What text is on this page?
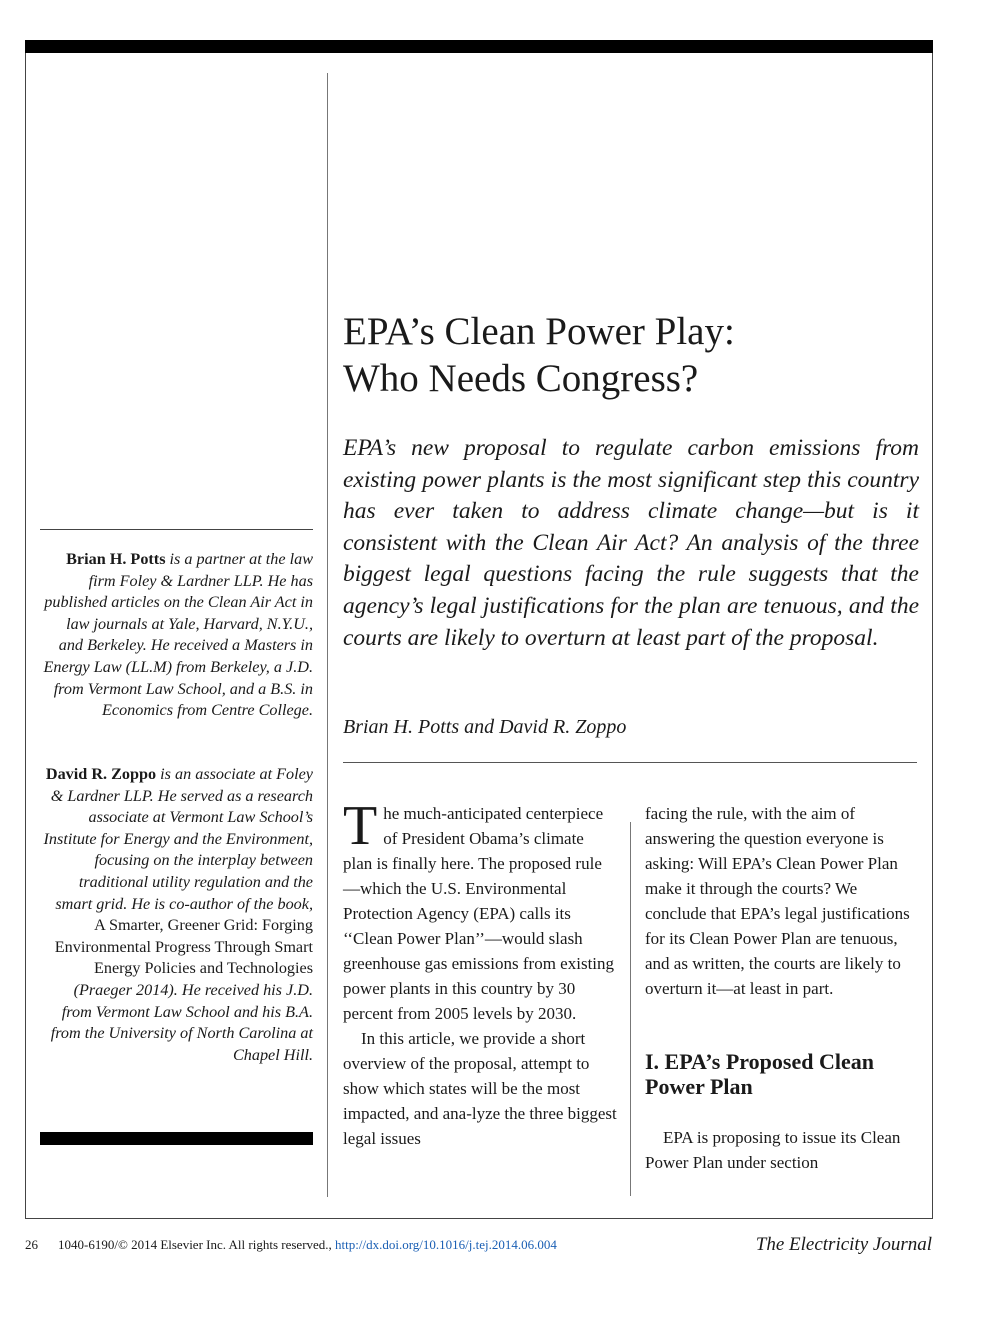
Brian H. Potts is a partner at the law firm Foley & Lardner LLP. He has published articles on the Clean Air Act in law journals at Yale, Harvard, N.Y.U., and Berkeley. He received a Masters in Energy Law (LL.M) from Berkeley, a J.D. from Vermont Law School, and a B.S. in Economics from Centre College.
David R. Zoppo is an associate at Foley & Lardner LLP. He served as a research associate at Vermont Law School’s Institute for Energy and the Environment, focusing on the interplay between traditional utility regulation and the smart grid. He is co-author of the book, A Smarter, Greener Grid: Forging Environmental Progress Through Smart Energy Policies and Technologies (Praeger 2014). He received his J.D. from Vermont Law School and his B.A. from the University of North Carolina at Chapel Hill.
EPA’s Clean Power Play:
Who Needs Congress?
EPA’s new proposal to regulate carbon emissions from existing power plants is the most significant step this country has ever taken to address climate change—but is it consistent with the Clean Air Act? An analysis of the three biggest legal questions facing the rule suggests that the agency’s legal justifications for the plan are tenuous, and the courts are likely to overturn at least part of the proposal.
Brian H. Potts and David R. Zoppo

The much-anticipated centerpiece of President Obama’s climate plan is finally here. The proposed rule—which the U.S. Environmental Protection Agency (EPA) calls its ‘‘Clean Power Plan’’—would slash greenhouse gas emissions from existing power plants in this country by 30 percent from 2005 levels by 2030.

In this article, we provide a short overview of the proposal, attempt to show which states will be the most impacted, and ana-lyze the three biggest legal issues

facing the rule, with the aim of answering the question everyone is asking: Will EPA’s Clean Power Plan make it through the courts? We conclude that EPA’s legal justifications for its Clean Power Plan are tenuous, and as written, the courts are likely to overturn it—at least in part.

I. EPA’s Proposed Clean Power Plan

EPA is proposing to issue its Clean Power Plan under section

26 1040-6190/© 2014 Elsevier Inc. All rights reserved., http://dx.doi.org/10.1016/j.tej.2014.06.004	The Electricity Journal
